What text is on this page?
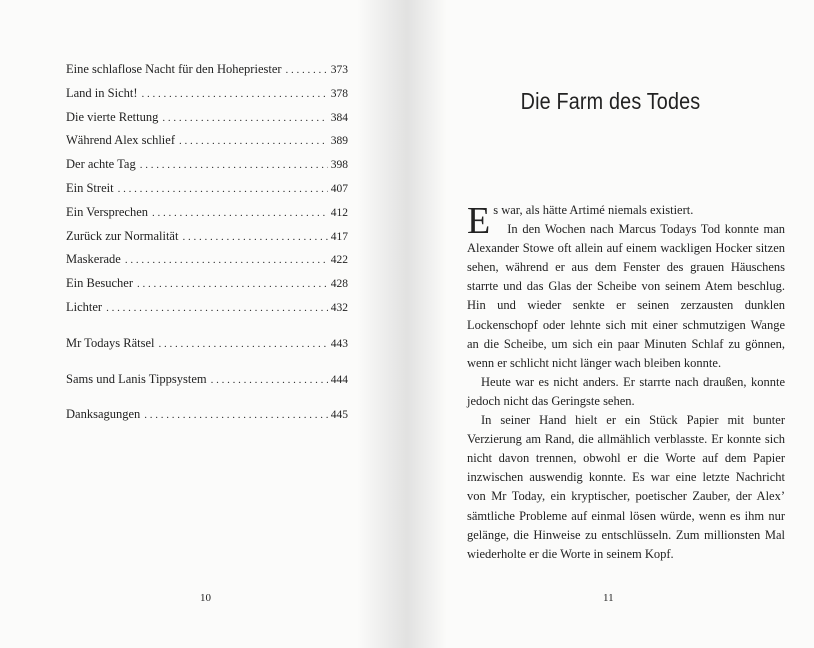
Eine schlaflose Nacht für den Hohepriester . . .	373
Land in Sicht! . . .	378
Die vierte Rettung . . .	384
Während Alex schlief . . .	389
Der achte Tag . . .	398
Ein Streit . . .	407
Ein Versprechen . . .	412
Zurück zur Normalität . . .	417
Maskerade . . .	422
Ein Besucher . . .	428
Lichter . . .	432
Mr Todays Rätsel . . .	443
Sams und Lanis Tippsystem . . .	444
Danksagungen . . .	445
10
Die Farm des Todes

Es war, als hätte Artimé niemals existiert.

In den Wochen nach Marcus Todays Tod konnte man Alexander Stowe oft allein auf einem wackligen Hocker sitzen sehen, während er aus dem Fenster des grauen Häuschens starrte und das Glas der Scheibe von seinem Atem beschlug. Hin und wieder senkte er seinen zerzausten dunklen Lockenschopf oder lehnte sich mit einer schmutzigen Wange an die Scheibe, um sich ein paar Minuten Schlaf zu gönnen, wenn er schlicht nicht länger wach bleiben konnte.

Heute war es nicht anders. Er starrte nach draußen, konnte jedoch nicht das Geringste sehen.

In seiner Hand hielt er ein Stück Papier mit bunter Verzierung am Rand, die allmählich verblasste. Er konnte sich nicht davon trennen, obwohl er die Worte auf dem Papier inzwischen auswendig konnte. Es war eine letzte Nachricht von Mr Today, ein kryptischer, poetischer Zauber, der Alex’ sämtliche Probleme auf einmal lösen würde, wenn es ihm nur gelänge, die Hinweise zu entschlüsseln. Zum millionsten Mal wiederholte er die Worte in seinem Kopf.

11
